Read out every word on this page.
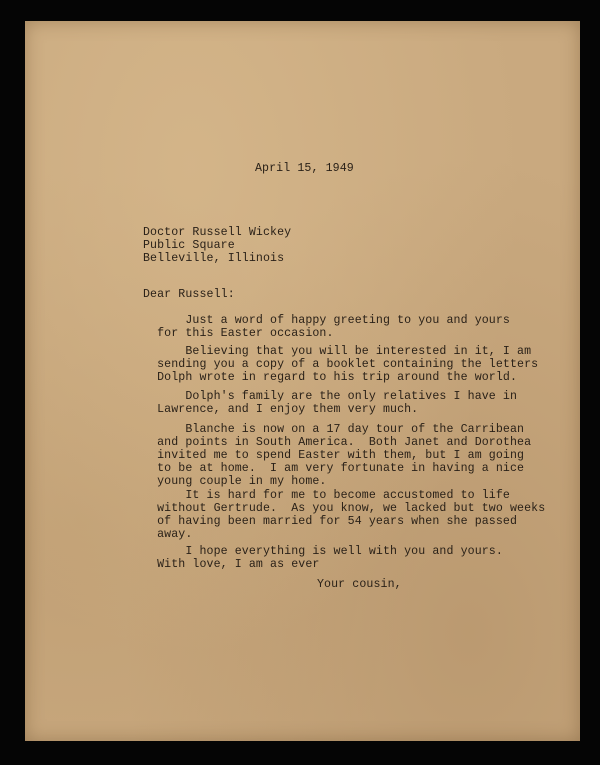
April 15, 1949
Doctor Russell Wickey
Public Square
Belleville, Illinois
Dear Russell:
Just a word of happy greeting to you and yours
for this Easter occasion.
Believing that you will be interested in it, I am
sending you a copy of a booklet containing the letters
Dolph wrote in regard to his trip around the world.
Dolph's family are the only relatives I have in
Lawrence, and I enjoy them very much.
Blanche is now on a 17 day tour of the Carribean
and points in South America.  Both Janet and Dorothea
invited me to spend Easter with them, but I am going
to be at home.  I am very fortunate in having a nice
young couple in my home.
It is hard for me to become accustomed to life
without Gertrude.  As you know, we lacked but two weeks
of having been married for 54 years when she passed
away.
I hope everything is well with you and yours.
With love, I am as ever
Your cousin,
